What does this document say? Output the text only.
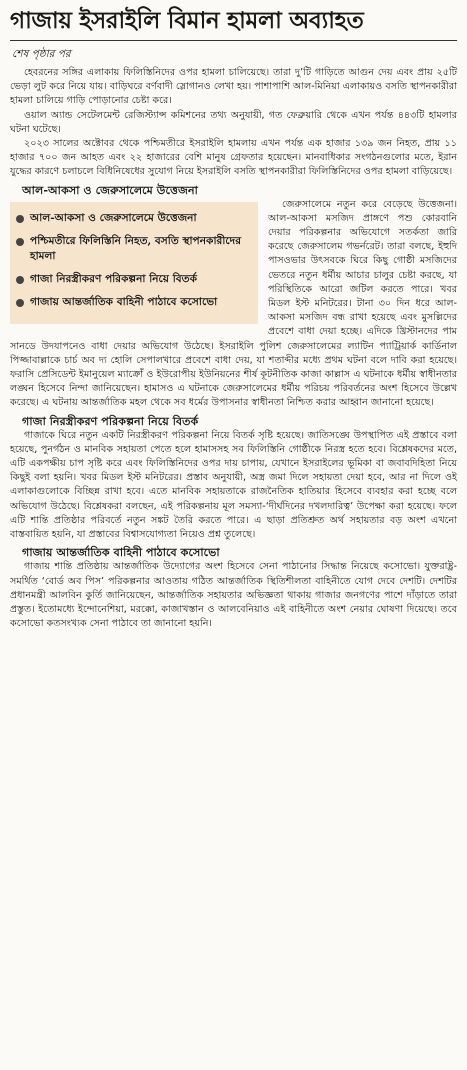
গাজায় ইসরাইলি বিমান হামলা অব্যাহত
শেষ পৃষ্ঠার পর

হেবরনের সঙ্গির এলাকায় ফিলিস্তিনিদের ওপর হামলা চালিয়েছে। তারা দু’টি গাড়িতে আগুন দেয় এবং প্রায় ২৫টি ভেড়া লুট করে নিয়ে যায়। বাড়িঘরে বর্ণবাদী স্লোগানও লেখা হয়। পাশাপাশি আল-মিনিয়া এলাকায়ও বসতি স্থাপনকারীরা হামলা চালিয়ে গাড়ি পোড়ানোর চেষ্টা করে।

ওয়াল অ্যান্ড সেটেলমেন্ট রেজিস্ট্যান্স কমিশনের তথ্য অনুযায়ী, গত ফেব্রুয়ারি থেকে এখন পর্যন্ত ৪৪৩টি হামলার ঘটনা ঘটেছে।

২০২৩ সালের অক্টোবর থেকে পশ্চিমতীরে ইসরাইলি হামলায় এখন পর্যন্ত এক হাজার ১৩৯ জন নিহত, প্রায় ১১ হাজার ৭০০ জন আহত এবং ২২ হাজারের বেশি মানুষ গ্রেফতার হয়েছেন। মানবাধিকার সংগঠনগুলোর মতে, ইরান যুদ্ধের কারণে চলাচলে বিধিনিষেধের সুযোগ নিয়ে ইসরাইলি বসতি স্থাপনকারীরা ফিলিস্তিনিদের ওপর হামলা বাড়িয়েছে।

আল-আকসা ও জেরুসালেমে উত্তেজনা
আল-আকসা ও জেরুসালেমে উত্তেজনা
পশ্চিমতীরে ফিলিস্তিনি নিহত, বসতি স্থাপনকারীদের হামলা
গাজা নিরস্ত্রীকরণ পরিকল্পনা নিয়ে বিতর্ক
গাজায় আন্তর্জাতিক বাহিনী পাঠাবে কসোভো

জেরুসালেমে নতুন করে বেড়েছে উত্তেজনা। আল-আকসা মসজিদ প্রাঙ্গণে পশু কোরবানি দেয়ার পরিকল্পনার অভিযোগে সতর্কতা জারি করেছে জেরুসালেম গভর্নরেট। তারা বলছে, ইহুদি পাসওভার উৎসবকে ঘিরে কিছু গোষ্ঠী মসজিদের ভেতরে নতুন ধর্মীয় আচার চালুর চেষ্টা করছে, যা পরিস্থিতিকে আরো জটিল করতে পারে। খবর মিডল ইস্ট মনিটরের। টানা ৩০ দিন ধরে আল-আকসা মসজিদ বন্ধ রাখা হয়েছে এবং মুসল্লিদের প্রবেশে বাধা দেয়া হচ্ছে। এদিকে খ্রিস্টানদের পাম সানডে উদযাপনেও বাধা দেয়ার অভিযোগ উঠেছে। ইসরাইলি পুলিশ জেরুসালেমের ল্যাটিন প্যাট্রিয়ার্ক কার্ডিনাল পিজ্জাবাল্লাকে চার্চ অব দ্য হোলি সেপালখারে প্রবেশে বাধা দেয়, যা শতাব্দীর মধ্যে প্রথম ঘটনা বলে দাবি করা হয়েছে। ফরাসি প্রেসিডেন্ট ইমানুয়েল ম্যাক্রোঁ ও ইউরোপীয় ইউনিয়নের শীর্ষ কূটনীতিক কাজা কাল্লাস এ ঘটনাকে ধর্মীয় স্বাধীনতার লঙ্ঘন হিসেবে নিন্দা জানিয়েছেন। হামাসও এ ঘটনাকে জেরুসালেমের ধর্মীয় পরিচয় পরিবর্তনের অংশ হিসেবে উল্লেখ করেছে। এ ঘটনায় আন্তর্জাতিক মহল থেকে সব ধর্মের উপাসনার স্বাধীনতা নিশ্চিত করার আহ্বান জানানো হয়েছে।

গাজা নিরস্ত্রীকরণ পরিকল্পনা নিয়ে বিতর্ক

গাজাকে ঘিরে নতুন একটি নিরস্ত্রীকরণ পরিকল্পনা নিয়ে বিতর্ক সৃষ্টি হয়েছে। জাতিসঙ্ঘে উপস্থাপিত এই প্রস্তাবে বলা হয়েছে, পুনর্গঠন ও মানবিক সহায়তা পেতে হলে হামাসসহ সব ফিলিস্তিনি গোষ্ঠীকে নিরস্ত্র হতে হবে। বিশ্লেষকদের মতে, এটি একপক্ষীয় চাপ সৃষ্টি করে এবং ফিলিস্তিনিদের ওপর দায় চাপায়, যেখানে ইসরাইলের ভূমিকা বা জবাবদিহিতা নিয়ে কিছুই বলা হয়নি। খবর মিডল ইস্ট মনিটরের। প্রস্তাব অনুযায়ী, অস্ত্র জমা দিলে সহায়তা দেয়া হবে, আর না দিলে ওই এলাকাগুলোকে বিচ্ছিন্ন রাখা হবে। এতে মানবিক সহায়তাকে রাজনৈতিক হাতিয়ার হিসেবে ব্যবহার করা হচ্ছে বলে অভিযোগ উঠেছে। বিশ্লেষকরা বলছেন, এই পরিকল্পনায় মূল সমস্যা-‘দীর্ঘদিনের দখলদারিত্ব’ উপেক্ষা করা হয়েছে। ফলে এটি শান্তি প্রতিষ্ঠার পরিবর্তে নতুন সঙ্কট তৈরি করতে পারে। এ ছাড়া প্রতিশ্রুত অর্থ সহায়তার বড় অংশ এখনো বাস্তবায়িত হয়নি, যা প্রস্তাবের বিশ্বাসযোগ্যতা নিয়েও প্রশ্ন তুলেছে।

গাজায় আন্তর্জাতিক বাহিনী পাঠাবে কসোভো

গাজায় শান্তি প্রতিষ্ঠায় আন্তর্জাতিক উদ্যোগের অংশ হিসেবে সেনা পাঠানোর সিদ্ধান্ত নিয়েছে কসোভো। যুক্তরাষ্ট্র-সমর্থিত ‘বোর্ড অব পিস’ পরিকল্পনার আওতায় গঠিত আন্তর্জাতিক স্থিতিশীলতা বাহিনীতে যোগ দেবে দেশটি। দেশটির প্রধানমন্ত্রী আলবিন কুর্তি জানিয়েছেন, আন্তর্জাতিক সহায়তার অভিজ্ঞতা থাকায় গাজার জনগণের পাশে দাঁড়াতে তারা প্রস্তুত। ইতোমধ্যে ইন্দোনেশিয়া, মরক্কো, কাজাখস্তান ও আলবেনিয়াও এই বাহিনীতে অংশ নেয়ার ঘোষণা দিয়েছে। তবে কসোভো কতসংখ্যক সেনা পাঠাবে তা জানানো হয়নি।
